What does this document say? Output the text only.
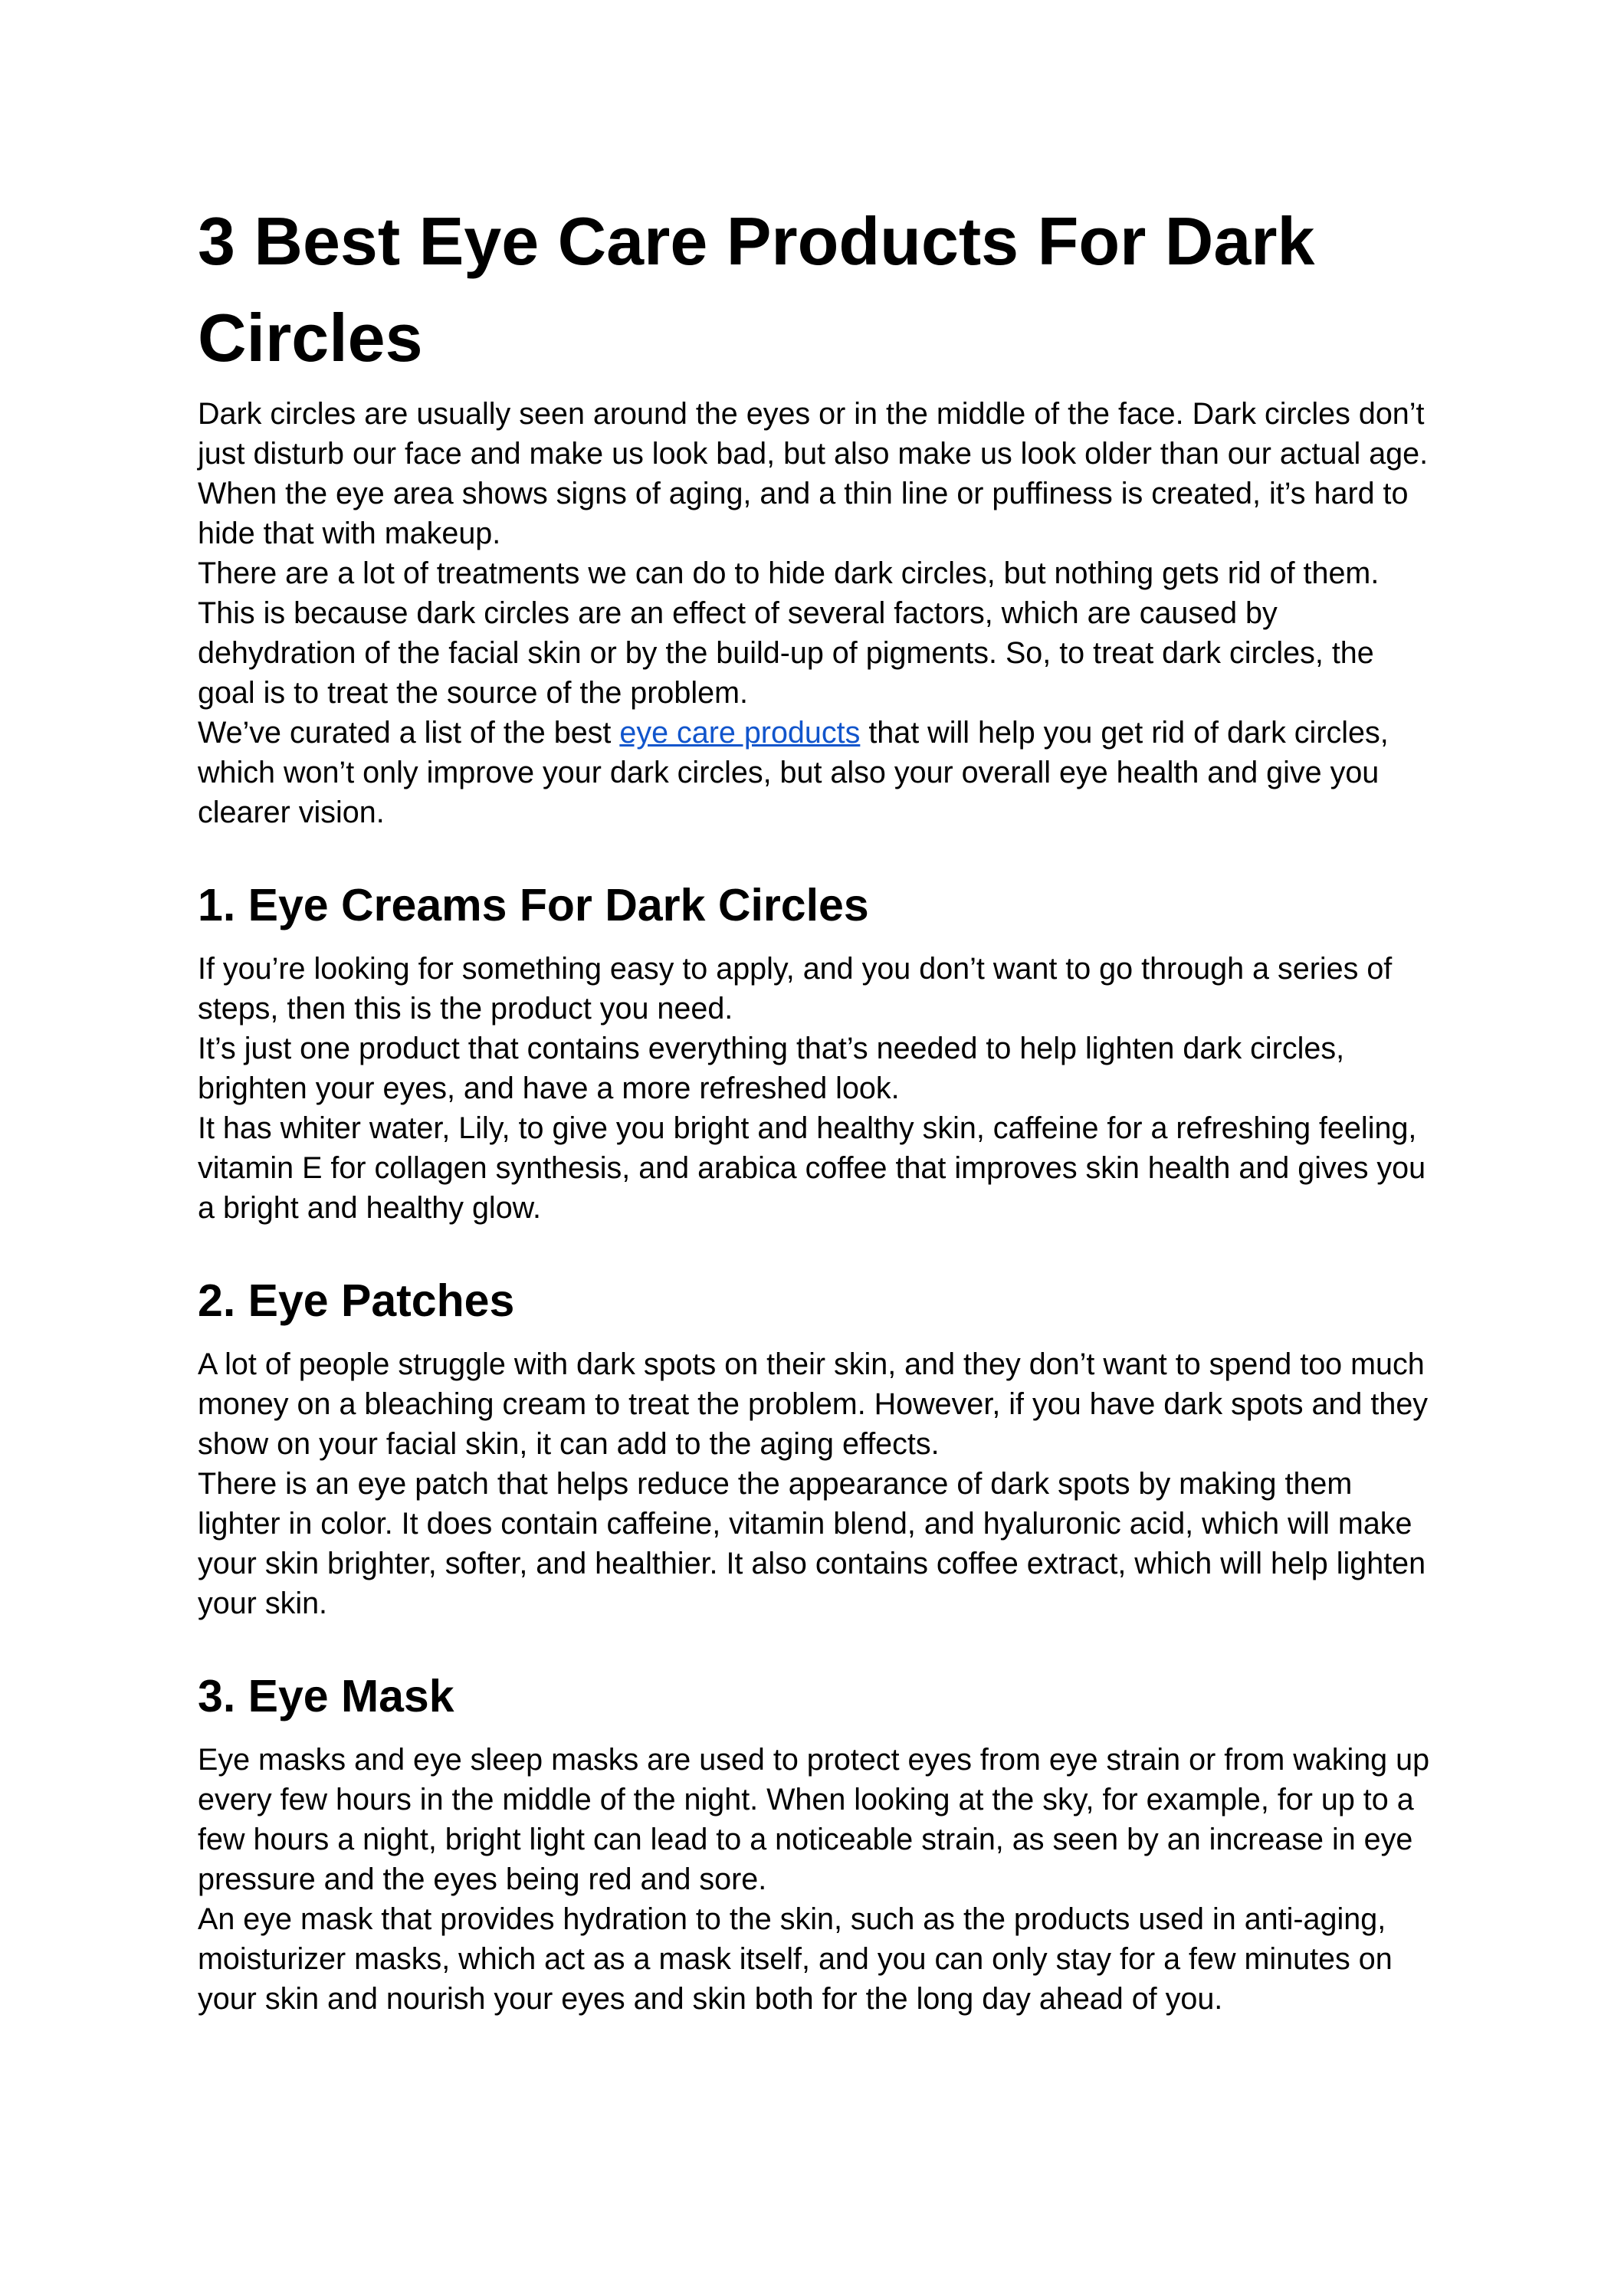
3 Best Eye Care Products For Dark Circles

Dark circles are usually seen around the eyes or in the middle of the face. Dark circles don’t just disturb our face and make us look bad, but also make us look older than our actual age. When the eye area shows signs of aging, and a thin line or puffiness is created, it’s hard to hide that with makeup.

There are a lot of treatments we can do to hide dark circles, but nothing gets rid of them. This is because dark circles are an effect of several factors, which are caused by dehydration of the facial skin or by the build-up of pigments. So, to treat dark circles, the goal is to treat the source of the problem.

We’ve curated a list of the best eye care products that will help you get rid of dark circles, which won’t only improve your dark circles, but also your overall eye health and give you clearer vision.

1. Eye Creams For Dark Circles

If you’re looking for something easy to apply, and you don’t want to go through a series of steps, then this is the product you need.

It’s just one product that contains everything that’s needed to help lighten dark circles, brighten your eyes, and have a more refreshed look.

It has whiter water, Lily, to give you bright and healthy skin, caffeine for a refreshing feeling, vitamin E for collagen synthesis, and arabica coffee that improves skin health and gives you a bright and healthy glow.

2. Eye Patches

A lot of people struggle with dark spots on their skin, and they don’t want to spend too much money on a bleaching cream to treat the problem. However, if you have dark spots and they show on your facial skin, it can add to the aging effects.

There is an eye patch that helps reduce the appearance of dark spots by making them lighter in color. It does contain caffeine, vitamin blend, and hyaluronic acid, which will make your skin brighter, softer, and healthier. It also contains coffee extract, which will help lighten your skin.

3. Eye Mask

Eye masks and eye sleep masks are used to protect eyes from eye strain or from waking up every few hours in the middle of the night. When looking at the sky, for example, for up to a few hours a night, bright light can lead to a noticeable strain, as seen by an increase in eye pressure and the eyes being red and sore.

An eye mask that provides hydration to the skin, such as the products used in anti-aging, moisturizer masks, which act as a mask itself, and you can only stay for a few minutes on your skin and nourish your eyes and skin both for the long day ahead of you.
